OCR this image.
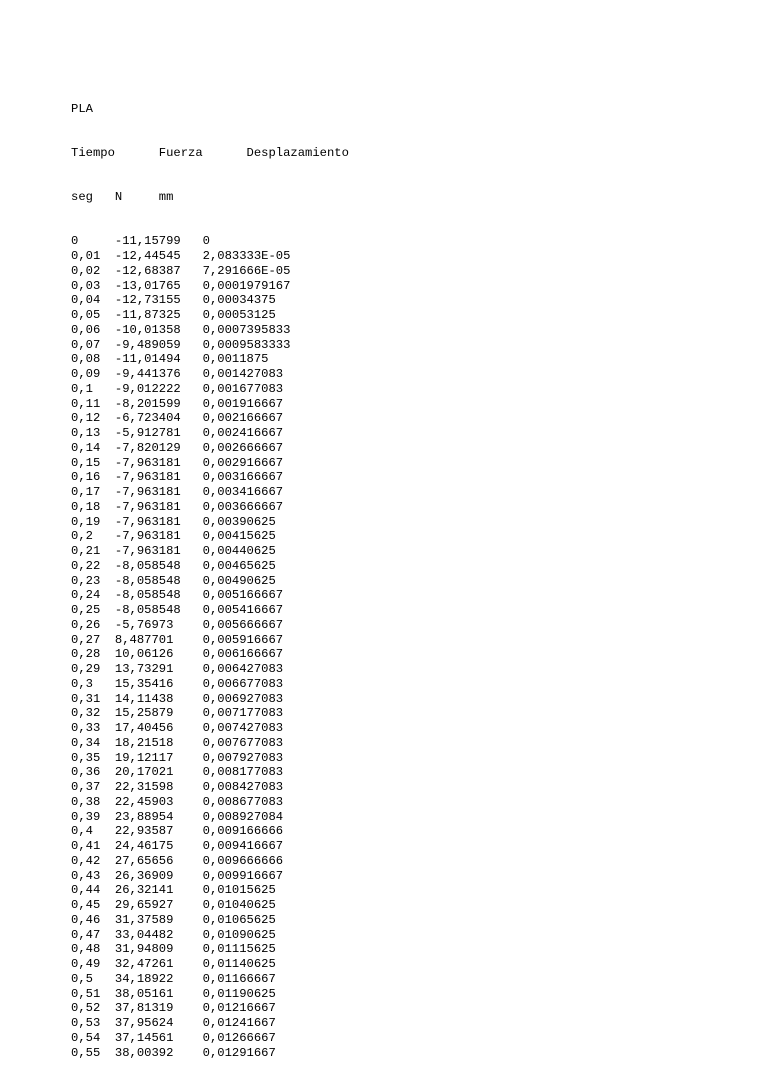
PLA

Tiempo      Fuerza      Desplazamiento

seg   N     mm

0     -11,15799   0
0,01  -12,44545   2,083333E-05
0,02  -12,68387   7,291666E-05
0,03  -13,01765   0,0001979167
0,04  -12,73155   0,00034375
0,05  -11,87325   0,00053125
0,06  -10,01358   0,0007395833
0,07  -9,489059   0,0009583333
0,08  -11,01494   0,0011875
0,09  -9,441376   0,001427083
0,1   -9,012222   0,001677083
0,11  -8,201599   0,001916667
0,12  -6,723404   0,002166667
0,13  -5,912781   0,002416667
0,14  -7,820129   0,002666667
0,15  -7,963181   0,002916667
0,16  -7,963181   0,003166667
0,17  -7,963181   0,003416667
0,18  -7,963181   0,003666667
0,19  -7,963181   0,00390625
0,2   -7,963181   0,00415625
0,21  -7,963181   0,00440625
0,22  -8,058548   0,00465625
0,23  -8,058548   0,00490625
0,24  -8,058548   0,005166667
0,25  -8,058548   0,005416667
0,26  -5,76973    0,005666667
0,27  8,487701    0,005916667
0,28  10,06126    0,006166667
0,29  13,73291    0,006427083
0,3   15,35416    0,006677083
0,31  14,11438    0,006927083
0,32  15,25879    0,007177083
0,33  17,40456    0,007427083
0,34  18,21518    0,007677083
0,35  19,12117    0,007927083
0,36  20,17021    0,008177083
0,37  22,31598    0,008427083
0,38  22,45903    0,008677083
0,39  23,88954    0,008927084
0,4   22,93587    0,009166666
0,41  24,46175    0,009416667
0,42  27,65656    0,009666666
0,43  26,36909    0,009916667
0,44  26,32141    0,01015625
0,45  29,65927    0,01040625
0,46  31,37589    0,01065625
0,47  33,04482    0,01090625
0,48  31,94809    0,01115625
0,49  32,47261    0,01140625
0,5   34,18922    0,01166667
0,51  38,05161    0,01190625
0,52  37,81319    0,01216667
0,53  37,95624    0,01241667
0,54  37,14561    0,01266667
0,55  38,00392    0,01291667
